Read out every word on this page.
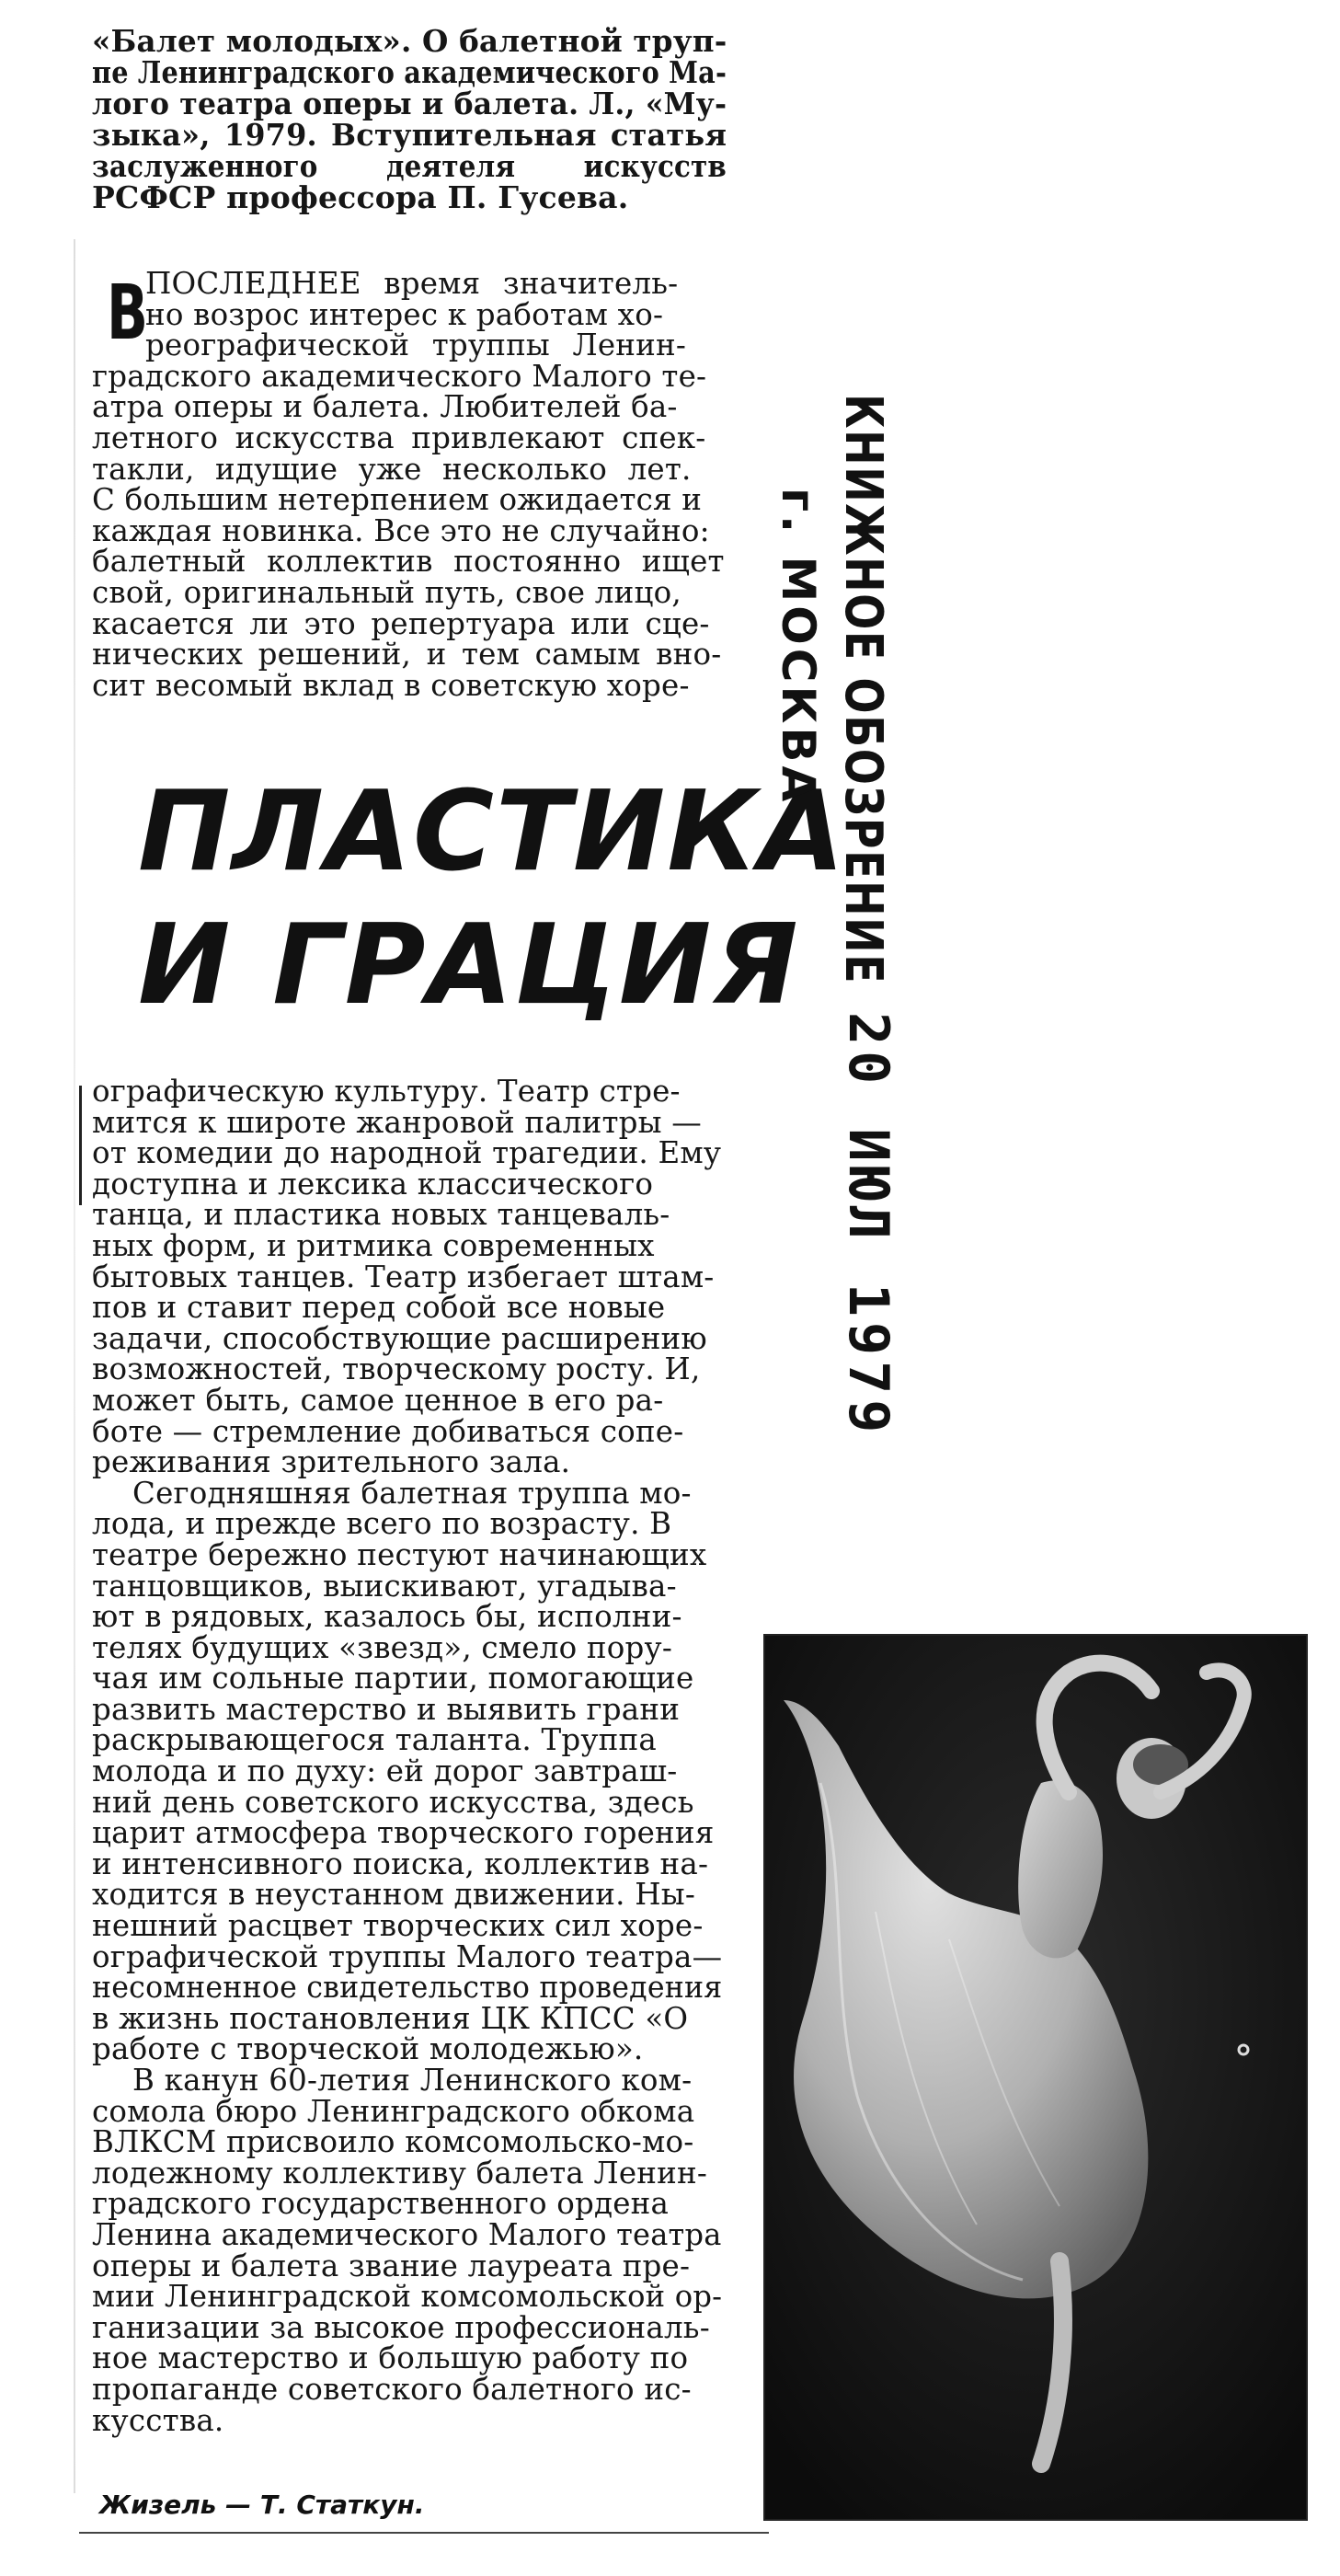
«Балет молодых». О балетной труп-
пе Ленинградского академического Ма-
лого театра оперы и балета. Л., «Му-
зыка», 1979. Вступительная статья
заслуженного деятеля искусств
РСФСР профессора П. Гусева.
В
ПОСЛЕДНЕЕ время значитель-
но возрос интерес к работам хо-
реографической труппы Ленин-
градского академического Малого те-
атра оперы и балета. Любителей ба-
летного искусства привлекают спек-
такли, идущие уже несколько лет.
С большим нетерпением ожидается и
каждая новинка. Все это не случайно:
балетный коллектив постоянно ищет
свой, оригинальный путь, свое лицо,
касается ли это репертуара или сце-
нических решений, и тем самым вно-
сит весомый вклад в советскую хоре-
ПЛАСТИКА
И ГРАЦИЯ
ографическую культуру. Театр стре-
мится к широте жанровой палитры —
от комедии до народной трагедии. Ему
доступна и лексика классического
танца, и пластика новых танцеваль-
ных форм, и ритмика современных
бытовых танцев. Театр избегает штам-
пов и ставит перед собой все новые
задачи, способствующие расширению
возможностей, творческому росту. И,
может быть, самое ценное в его ра-
боте — стремление добиваться сопе-
реживания зрительного зала.
Сегодняшняя балетная труппа мо-
лода, и прежде всего по возрасту. В
театре бережно пестуют начинающих
танцовщиков, выискивают, угадыва-
ют в рядовых, казалось бы, исполни-
телях будущих «звезд», смело пору-
чая им сольные партии, помогающие
развить мастерство и выявить грани
раскрывающегося таланта. Труппа
молода и по духу: ей дорог завтраш-
ний день советского искусства, здесь
царит атмосфера творческого горения
и интенсивного поиска, коллектив на-
ходится в неустанном движении. Ны-
нешний расцвет творческих сил хоре-
ографической труппы Малого театра—
несомненное свидетельство проведения
в жизнь постановления ЦК КПСС «О
работе с творческой молодежью».
В канун 60-летия Ленинского ком-
сомола бюро Ленинградского обкома
ВЛКСМ присвоило комсомольско-мо-
лодежному коллективу балета Ленин-
градского государственного ордена
Ленина академического Малого театра
оперы и балета звание лауреата пре-
мии Ленинградской комсомольской ор-
ганизации за высокое профессиональ-
ное мастерство и большую работу по
пропаганде советского балетного ис-
кусства.
Жизель — Т. Статкун.
КНИЖНОЕ ОБОЗРЕНИЕ
г. МОСКВА
20 ИЮЛ 1979
